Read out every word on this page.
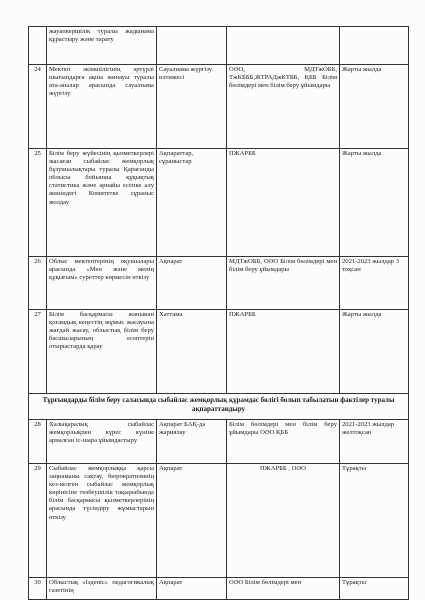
	жауапкершілік туралы жадынама құрастыру және тарату			
24	Мектеп әкімшілігінің әртүрлі шығындарға ақша жинауы туралы ата-аналар арасында сауалнама жүргізу	Сауалнама жүргізу нәтижесі	ОӘО, МДТжОББ, ТжКБББ,ЖТРАДжКТББ, ҚББ Білім бөлімдері мен білім беру ұйымдары	Жарты жылда
25	Білім беру жүйесінің қызметкерлері жасаған сыбайлас жемқорлық бұзушылықтары туралы Қарағанды облысы бойынша құқықтық статистика және арнайы есепке алу жөніндегі Комитетке сұраныс жолдау	Ақпараттар, сұраныстар	ПЖАРББ	Жарты жылда
26	Облыс мектептерінің оқушылары арасында «Мен және менің құқығым» суреттер көрмесін өткізу	Ақпарат	МДТжОББ, ОӘО Білім бөлімдері мен білім беру ұйымдары	2021-2023 жылдар 3 тоқсан
27	Білім басқармасы жанынан қоғамдық кеңестің жұмыс жасауына жағдай жасау, облыстық білім беру басшыларының есептерін отырыстарда қарау	Хаттама	ПЖАРББ	Жарты жылда
Тұрғындарды білім беру саласында сыбайлас жемқорлық құрамдас бөлігі болып табылатын фактілер туралы ақпараттандыру				
28	Халықаралық сыбайлас жемқорлықпен күрес күніне арналған іс-шара ұйымдастыру	Ақпарат БАҚ-да жариялау	Білім бөлімдері мен білім беру ұйымдары ОӘО ҚББ	2021-2023 жылдар желтоқсан
29	Сыбайлас жемқорлыққа қарсы заңнаманы сақтау, бюрократизмнің кез-келген сыбайлас жемқорлық көрінісіне төзбеушілік тақырыбында білім басқармасы қызметкерлерінің арасында түсіндіру жұмыстарын өткізу	Ақпарат	ПЖАРББ , ОӘО	Тұрақты
30	Облыстық «Ізденіс» педагогикалық газетінің	Ақпарат	ОӘО Білім бөлімдері мен	Тұрақты
